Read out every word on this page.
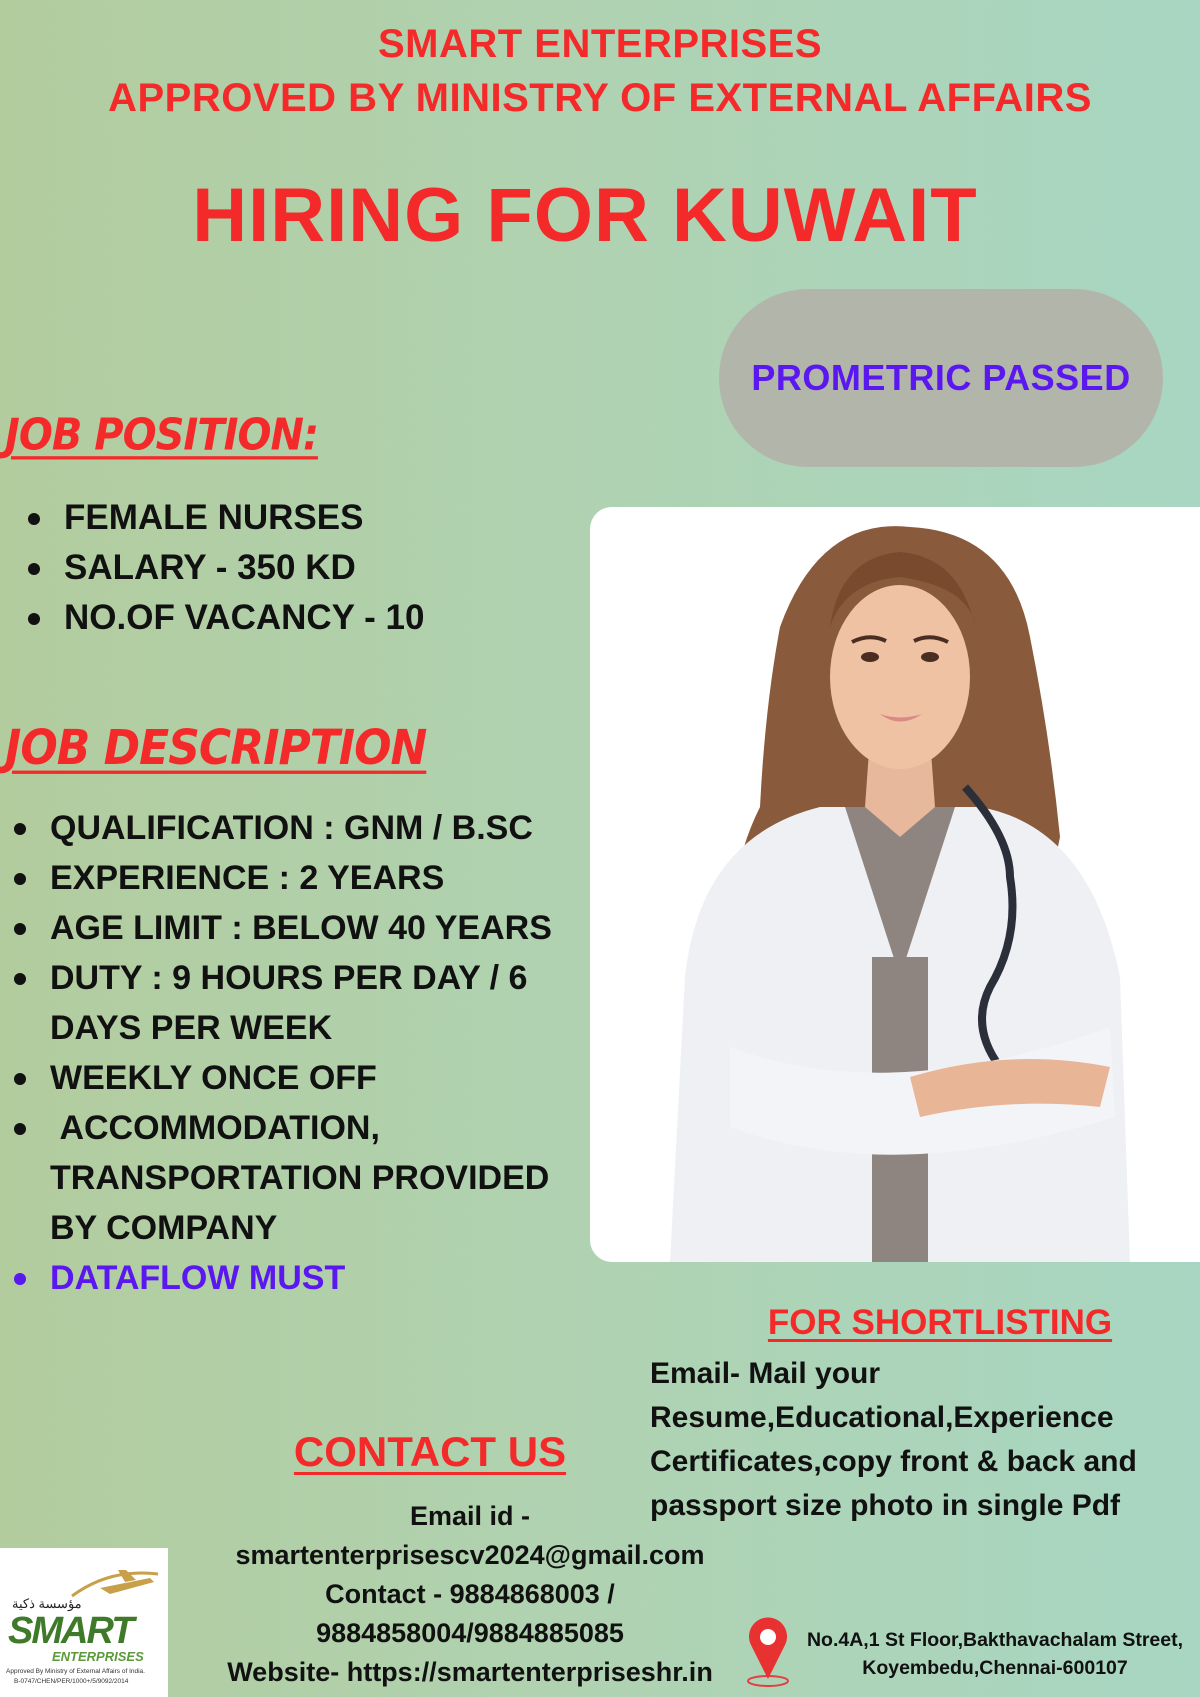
SMART ENTERPRISES
APPROVED BY MINISTRY OF EXTERNAL AFFAIRS
HIRING FOR KUWAIT
PROMETRIC PASSED
JOB POSITION:
FEMALE NURSES
SALARY - 350 KD
NO.OF VACANCY - 10
JOB DESCRIPTION
QUALIFICATION : GNM / B.SC
EXPERIENCE : 2 YEARS
AGE LIMIT : BELOW 40 YEARS
DUTY : 9 HOURS PER DAY / 6 DAYS PER WEEK
WEEKLY ONCE OFF
ACCOMMODATION, TRANSPORTATION PROVIDED BY COMPANY
DATAFLOW MUST
FOR SHORTLISTING
Email- Mail your Resume,Educational,Experience Certificates,copy front & back and passport size photo in single Pdf
CONTACT US
Email id -
smartenterprisescv2024@gmail.com
Contact - 9884868003 /
9884858004/9884885085
Website- https://smartenterpriseshr.in
مؤسسة ذكية
SMART
ENTERPRISES
Approved By Ministry of External Affairs of India.
B-0747/CHEN/PER/1000+/5/9092/2014
No.4A,1 St Floor,Bakthavachalam Street,
Koyembedu,Chennai-600107
